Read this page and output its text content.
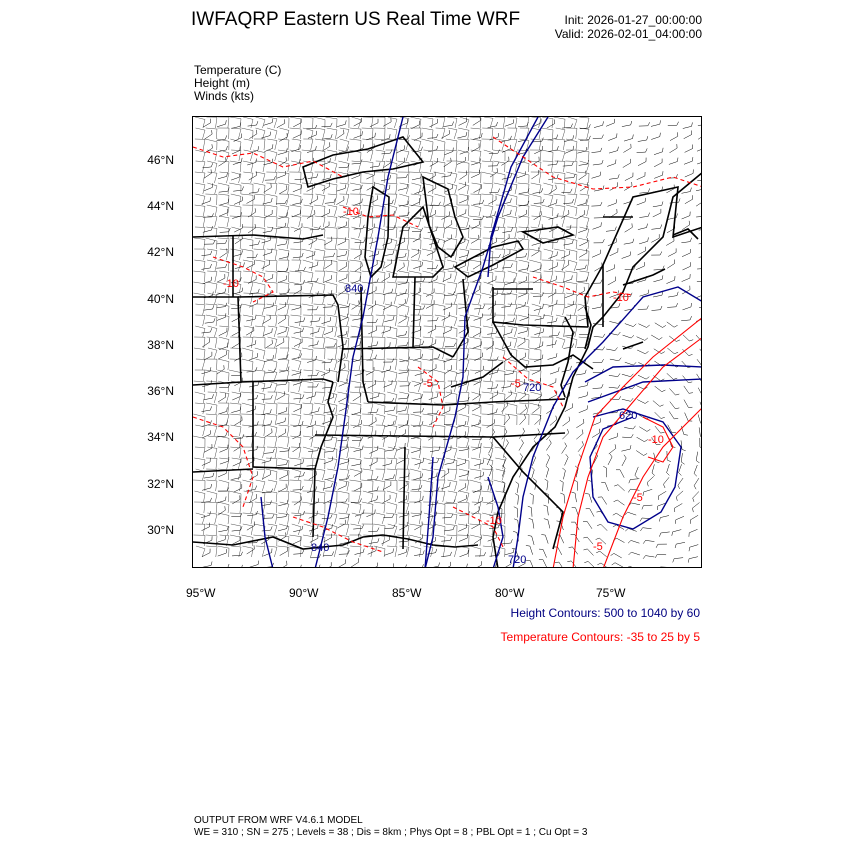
IWFAQRP Eastern US Real Time WRF	Init: 2026-01-27_00:00:00
Valid: 2026-02-01_04:00:00
Temperature (C)
Height (m)
Winds (kts)
46°N
44°N
42°N
40°N
38°N
36°N
34°N
32°N
30°N
95°W	90°W	85°W	80°W	75°W
840
720
620
720
840
-10
-10
-5
-10
-10
-5
-10
-5
-5
Height Contours: 500 to 1040 by 60
Temperature Contours: -35 to 25 by 5
OUTPUT FROM WRF V4.6.1 MODEL
WE = 310 ; SN = 275 ; Levels = 38 ; Dis = 8km ; Phys Opt = 8 ; PBL Opt = 1 ; Cu Opt = 3
